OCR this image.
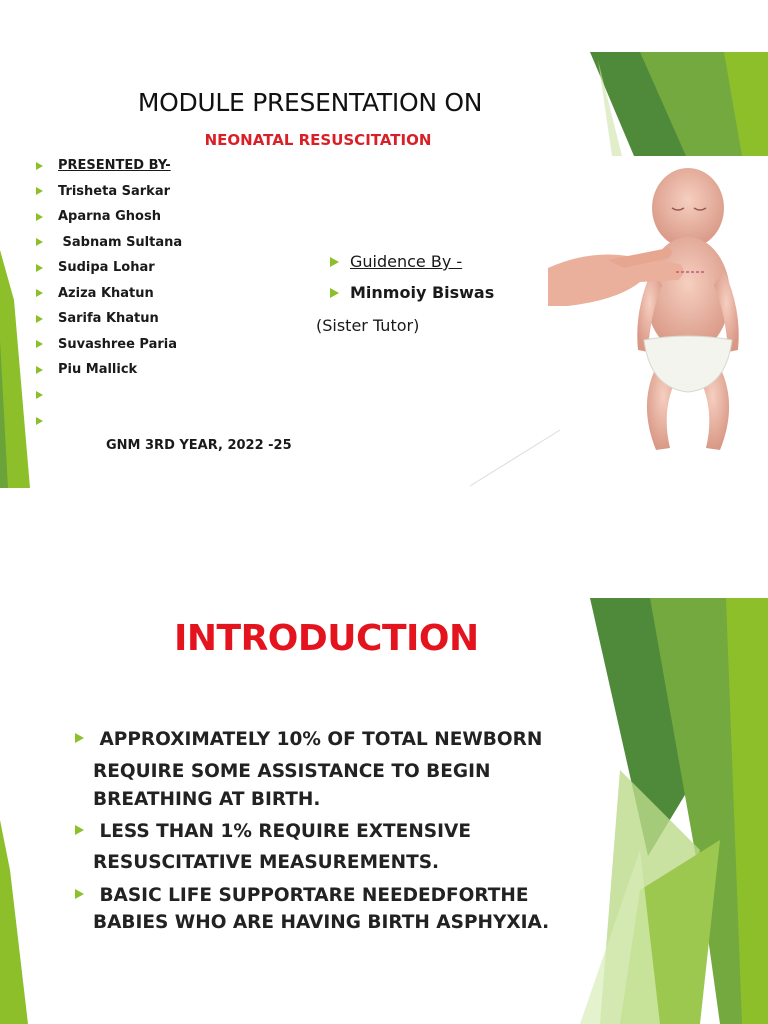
MODULE PRESENTATION ON
NEONATAL RESUSCITATION
PRESENTED BY-
Trisheta Sarkar
Aparna Ghosh
Sabnam Sultana
Sudipa Lohar
Aziza Khatun
Sarifa Khatun
Suvashree Paria
Piu Mallick
GNM 3RD YEAR, 2022 -25
Guidence By -
Minmoiy Biswas
(Sister Tutor)
INTRODUCTION
APPROXIMATELY 10% OF TOTAL NEWBORN
REQUIRE SOME ASSISTANCE TO BEGIN BREATHING AT BIRTH.
LESS THAN 1% REQUIRE EXTENSIVE
RESUSCITATIVE MEASUREMENTS.
BASIC LIFE SUPPORTARE NEEDEDFORTHE
BABIES WHO ARE HAVING BIRTH ASPHYXIA.
